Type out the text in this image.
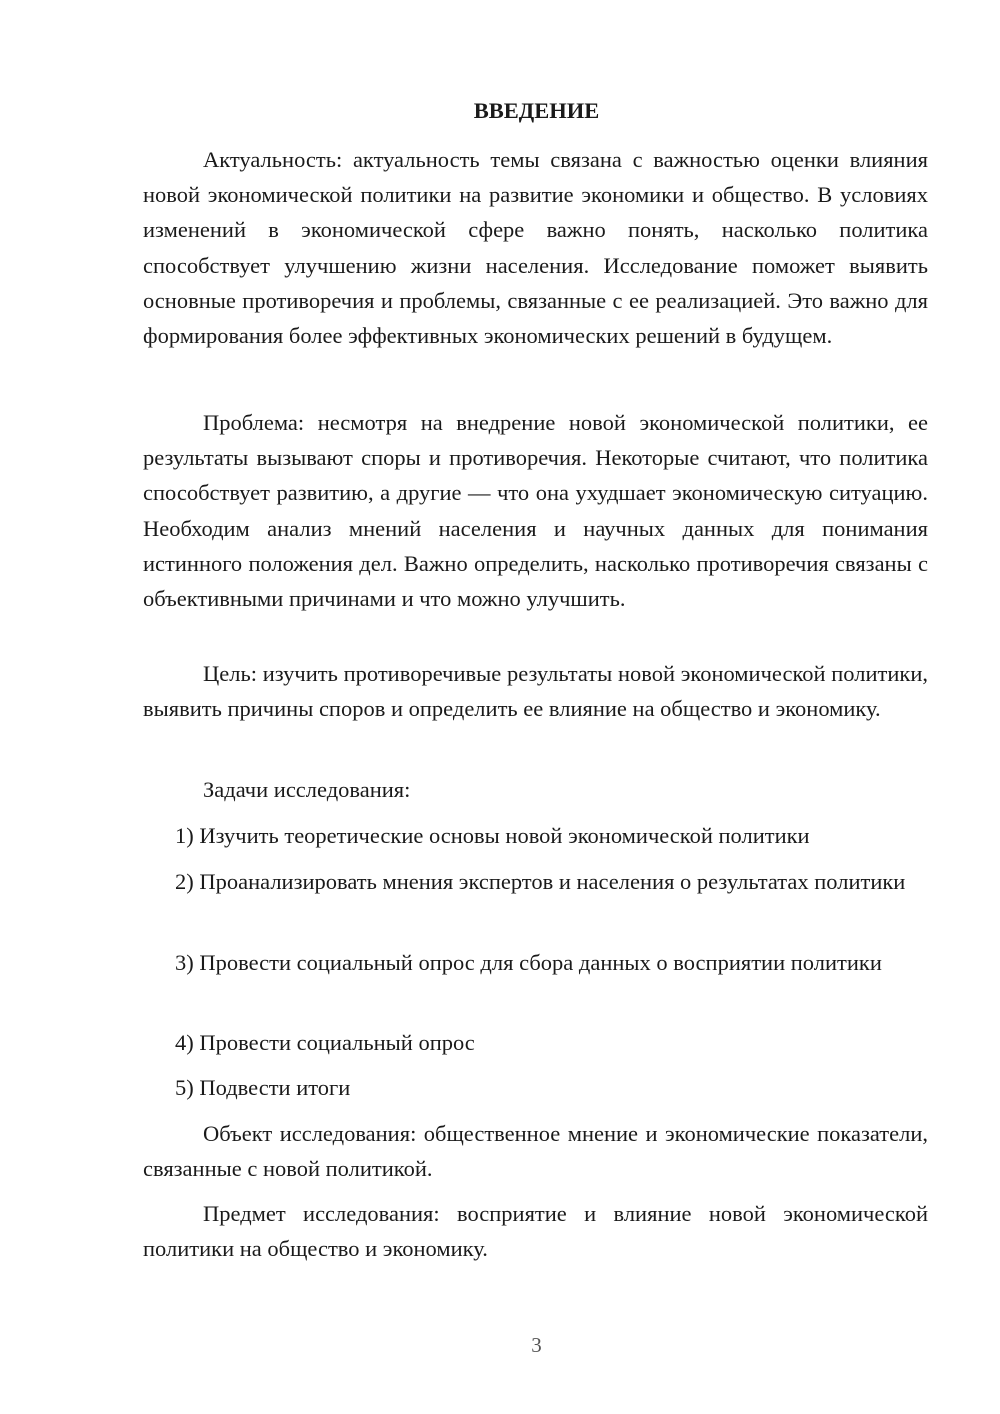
ВВЕДЕНИЕ

Актуальность: актуальность темы связана с важностью оценки влияния новой экономической политики на развитие экономики и общество. В условиях изменений в экономической сфере важно понять, насколько политика способствует улучшению жизни населения. Исследование поможет выявить основные противоречия и проблемы, связанные с ее реализацией. Это важно для формирования более эффективных экономических решений в будущем.

Проблема: несмотря на внедрение новой экономической политики, ее результаты вызывают споры и противоречия. Некоторые считают, что политика способствует развитию, а другие — что она ухудшает экономическую ситуацию. Необходим анализ мнений населения и научных данных для понимания истинного положения дел. Важно определить, насколько противоречия связаны с объективными причинами и что можно улучшить.

Цель: изучить противоречивые результаты новой экономической политики, выявить причины споров и определить ее влияние на общество и экономику.

Задачи исследования:

1) Изучить теоретические основы новой экономической политики

2) Проанализировать мнения экспертов и населения о результатах политики

3) Провести социальный опрос для сбора данных о восприятии политики

4) Провести социальный опрос

5) Подвести итоги

Объект исследования: общественное мнение и экономические показатели, связанные с новой политикой.

Предмет исследования: восприятие и влияние новой экономической политики на общество и экономику.

3
